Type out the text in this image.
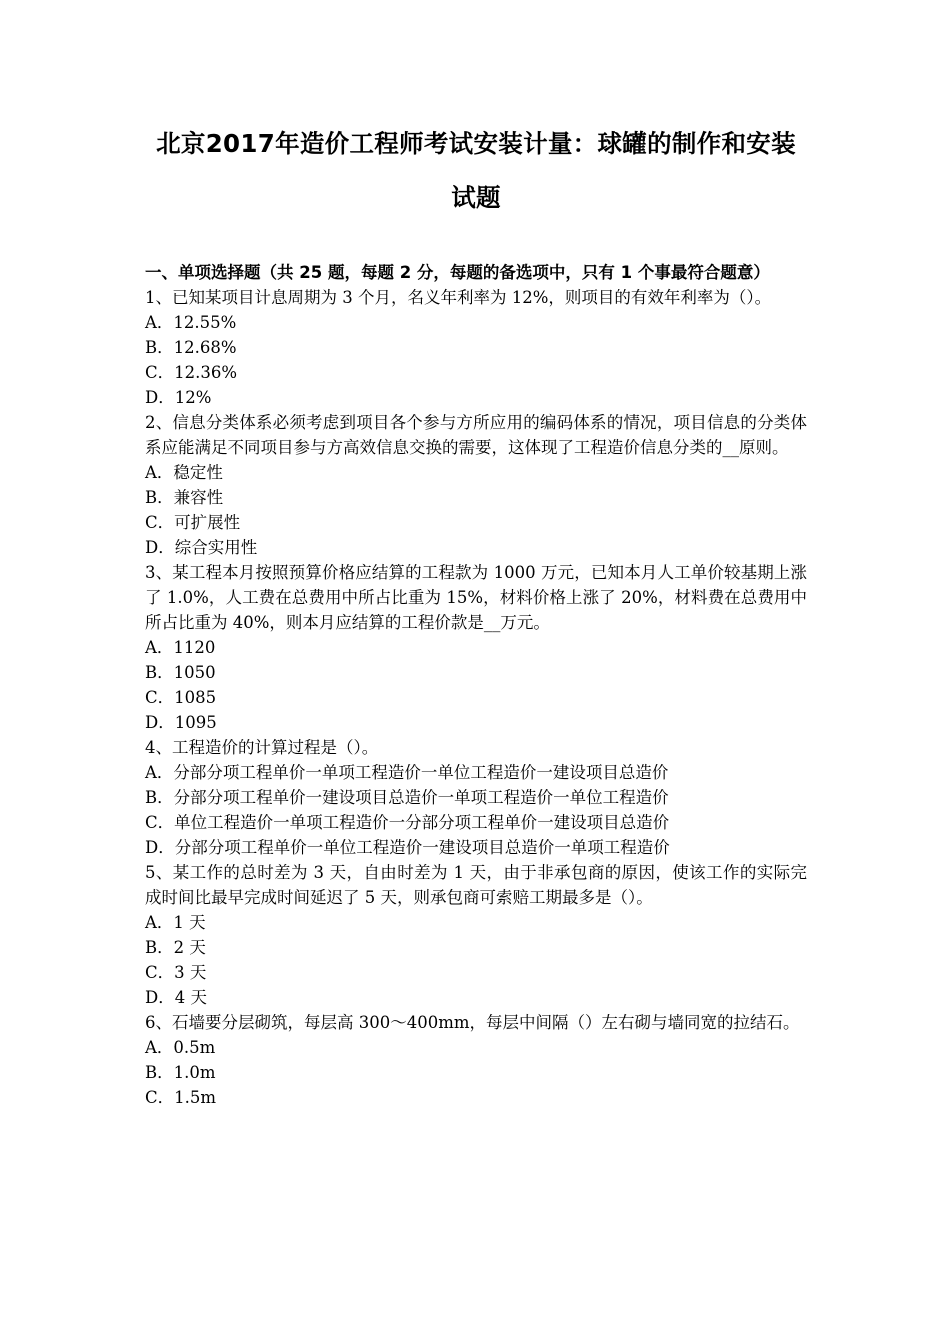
北京2017年造价工程师考试安装计量：球罐的制作和安装
试题
一、单项选择题（共 25 题，每题 2 分，每题的备选项中，只有 1 个事最符合题意）
1、已知某项目计息周期为 3 个月，名义年利率为 12%，则项目的有效年利率为（）。
A．12.55%
B．12.68%
C．12.36%
D．12%
2、信息分类体系必须考虑到项目各个参与方所应用的编码体系的情况，项目信息的分类体系应能满足不同项目参与方高效信息交换的需要，这体现了工程造价信息分类的__原则。
A．稳定性
B．兼容性
C．可扩展性
D．综合实用性
3、某工程本月按照预算价格应结算的工程款为 1000 万元，已知本月人工单价较基期上涨了 1.0%，人工费在总费用中所占比重为 15%，材料价格上涨了 20%，材料费在总费用中所占比重为 40%，则本月应结算的工程价款是__万元。
A．1120
B．1050
C．1085
D．1095
4、工程造价的计算过程是（）。
A．分部分项工程单价一单项工程造价一单位工程造价一建设项目总造价
B．分部分项工程单价一建设项目总造价一单项工程造价一单位工程造价
C．单位工程造价一单项工程造价一分部分项工程单价一建设项目总造价
D．分部分项工程单价一单位工程造价一建设项目总造价一单项工程造价
5、某工作的总时差为 3 天，自由时差为 1 天，由于非承包商的原因，使该工作的实际完成时间比最早完成时间延迟了 5 天，则承包商可索赔工期最多是（）。
A．1 天
B．2 天
C．3 天
D．4 天
6、石墙要分层砌筑，每层高 300～400mm，每层中间隔（）左右砌与墙同宽的拉结石。
A．0.5m
B．1.0m
C．1.5m
